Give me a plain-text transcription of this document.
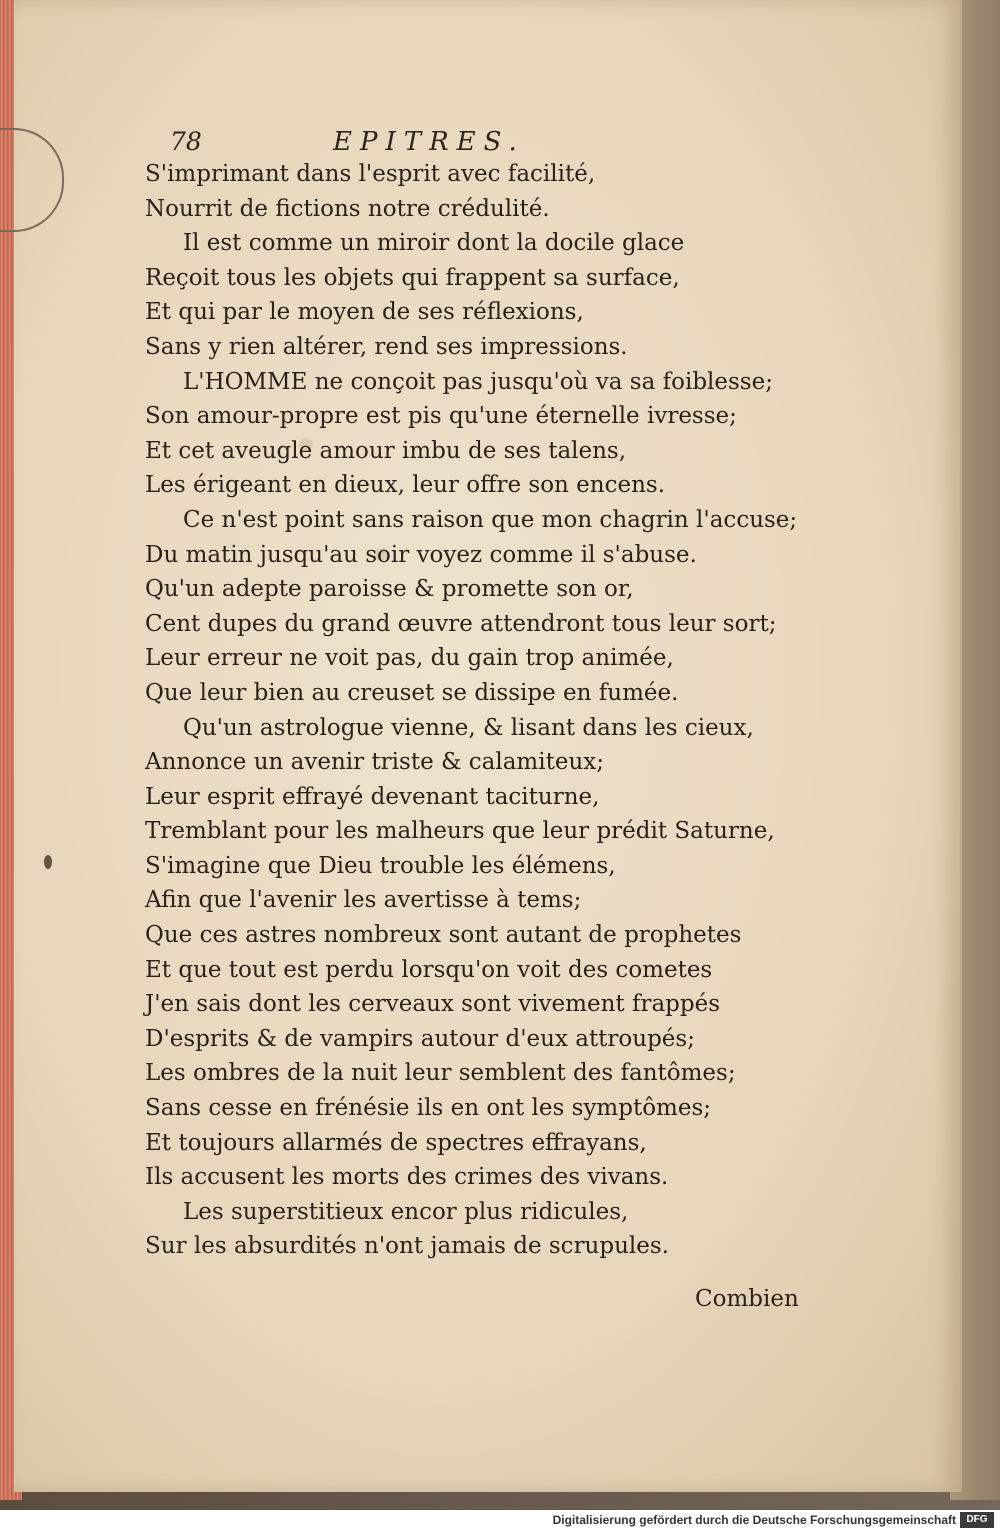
78	EPITRES.
S'imprimant dans l'esprit avec facilité,
Nourrit de fictions notre crédulité.
Il est comme un miroir dont la docile glace
Reçoit tous les objets qui frappent sa surface,
Et qui par le moyen de ses réflexions,
Sans y rien altérer, rend ses impressions.
L'HOMME ne conçoit pas jusqu'où va sa foiblesse;
Son amour-propre est pis qu'une éternelle ivresse;
Et cet aveugle amour imbu de ses talens,
Les érigeant en dieux, leur offre son encens.
Ce n'est point sans raison que mon chagrin l'accuse;
Du matin jusqu'au soir voyez comme il s'abuse.
Qu'un adepte paroisse & promette son or,
Cent dupes du grand œuvre attendront tous leur sort;
Leur erreur ne voit pas, du gain trop animée,
Que leur bien au creuset se dissipe en fumée.
Qu'un astrologue vienne, & lisant dans les cieux,
Annonce un avenir triste & calamiteux;
Leur esprit effrayé devenant taciturne,
Tremblant pour les malheurs que leur prédit Saturne,
S'imagine que Dieu trouble les élémens,
Afin que l'avenir les avertisse à tems;
Que ces astres nombreux sont autant de prophetes
Et que tout est perdu lorsqu'on voit des cometes
J'en sais dont les cerveaux sont vivement frappés
D'esprits & de vampirs autour d'eux attroupés;
Les ombres de la nuit leur semblent des fantômes;
Sans cesse en frénésie ils en ont les symptômes;
Et toujours allarmés de spectres effrayans,
Ils accusent les morts des crimes des vivans.
Les superstitieux encor plus ridicules,
Sur les absurdités n'ont jamais de scrupules.
Combien
Digitalisierung gefördert durch die Deutsche Forschungsgemeinschaft	DFG
